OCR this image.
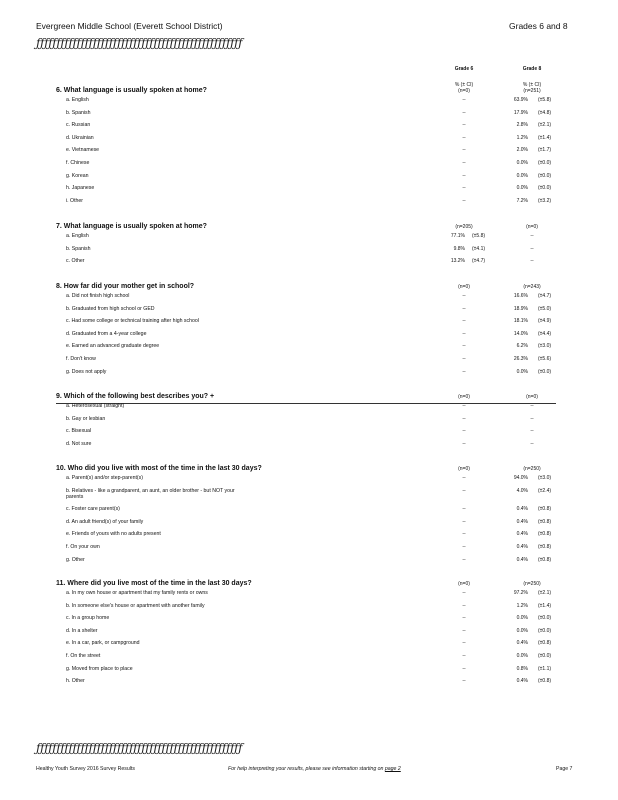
Evergreen Middle School (Everett School District)	Grades 6 and 8
ƒƒƒƒƒƒƒƒƒƒƒƒƒƒƒƒƒƒƒƒƒƒƒƒƒƒƒƒƒƒƒƒƒƒƒƒƒƒƒƒƒƒƒƒƒƒƒƒƒƒƒ
Grade 6	Grade 8
% (± CI)	% (± CI)
(n=0)	(n=251)
6. What language is usually spoken at home?
a. English	--	63.9% (±5.8)
b. Spanish	--	17.9% (±4.8)
c. Russian	--	2.8% (±2.1)
d. Ukrainian	--	1.2% (±1.4)
e. Vietnamese	--	2.0% (±1.7)
f. Chinese	--	0.0% (±0.0)
g. Korean	--	0.0% (±0.0)
h. Japanese	--	0.0% (±0.0)
i. Other	--	7.2% (±3.2)
7. What language is usually spoken at home?	(n=205)	(n=0)
a. English	77.1% (±5.8)	--
b. Spanish	9.8% (±4.1)	--
c. Other	13.2% (±4.7)	--
8. How far did your mother get in school?	(n=0)	(n=243)
a. Did not finish high school	--	16.6% (±4.7)
b. Graduated from high school or GED	--	18.9% (±5.0)
c. Had some college or technical training after high school	--	18.1% (±4.9)
d. Graduated from a 4-year college	--	14.0% (±4.4)
e. Earned an advanced graduate degree	--	6.2% (±3.0)
f. Don't know	--	26.3% (±5.6)
g. Does not apply	--	0.0% (±0.0)
9. Which of the following best describes you? +	(n=0)	(n=0)
a. Heterosexual (straight)	--	--
b. Gay or lesbian	--	--
c. Bisexual	--	--
d. Not sure	--	--
10. Who did you live with most of the time in the last 30 days?	(n=0)	(n=250)
a. Parent(s) and/or step-parent(s)	--	94.0% (±3.0)
b. Relatives - like a grandparent, an aunt, an older brother - but NOT your	--	4.0% (±2.4)
parents
c. Foster care parent(s)	--	0.4% (±0.8)
d. An adult friend(s) of your family	--	0.4% (±0.8)
e. Friends of yours with no adults present	--	0.4% (±0.8)
f. On your own	--	0.4% (±0.8)
g. Other	--	0.4% (±0.8)
11. Where did you live most of the time in the last 30 days?	(n=0)	(n=250)
a. In my own house or apartment that my family rents or owns	--	97.2% (±2.1)
b. In someone else's house or apartment with another family	--	1.2% (±1.4)
c. In a group home	--	0.0% (±0.0)
d. In a shelter	--	0.0% (±0.0)
e. In a car, park, or campground	--	0.4% (±0.8)
f. On the street	--	0.0% (±0.0)
g. Moved from place to place	--	0.8% (±1.1)
h. Other	--	0.4% (±0.8)
ƒƒƒƒƒƒƒƒƒƒƒƒƒƒƒƒƒƒƒƒƒƒƒƒƒƒƒƒƒƒƒƒƒƒƒƒƒƒƒƒƒƒƒƒƒƒƒƒƒƒƒ
Healthy Youth Survey 2016 Survey Results	For help interpreting your results, please see information starting on page 2	Page 7
